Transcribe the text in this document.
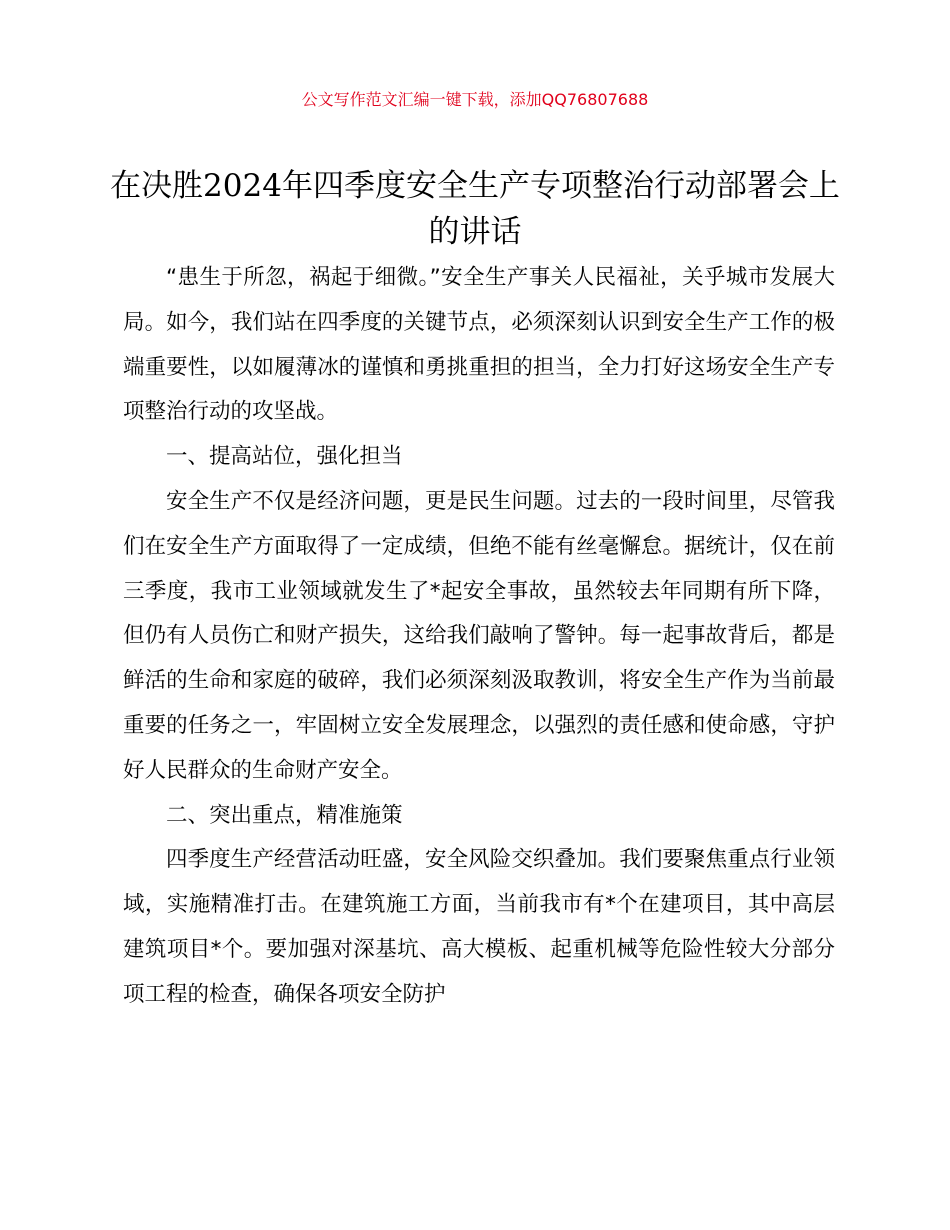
公文写作范文汇编一键下载，添加QQ76807688
在决胜2024年四季度安全生产专项整治行动部署会上的讲话

“患生于所忽，祸起于细微。”安全生产事关人民福祉，关乎城市发展大局。如今，我们站在四季度的关键节点，必须深刻认识到安全生产工作的极端重要性，以如履薄冰的谨慎和勇挑重担的担当，全力打好这场安全生产专项整治行动的攻坚战。

一、提高站位，强化担当

安全生产不仅是经济问题，更是民生问题。过去的一段时间里，尽管我们在安全生产方面取得了一定成绩，但绝不能有丝毫懈怠。据统计，仅在前三季度，我市工业领域就发生了*起安全事故，虽然较去年同期有所下降，但仍有人员伤亡和财产损失，这给我们敲响了警钟。每一起事故背后，都是鲜活的生命和家庭的破碎，我们必须深刻汲取教训，将安全生产作为当前最重要的任务之一，牢固树立安全发展理念，以强烈的责任感和使命感，守护好人民群众的生命财产安全。

二、突出重点，精准施策

四季度生产经营活动旺盛，安全风险交织叠加。我们要聚焦重点行业领域，实施精准打击。在建筑施工方面，当前我市有*个在建项目，其中高层建筑项目*个。要加强对深基坑、高大模板、起重机械等危险性较大分部分项工程的检查，确保各项安全防护
